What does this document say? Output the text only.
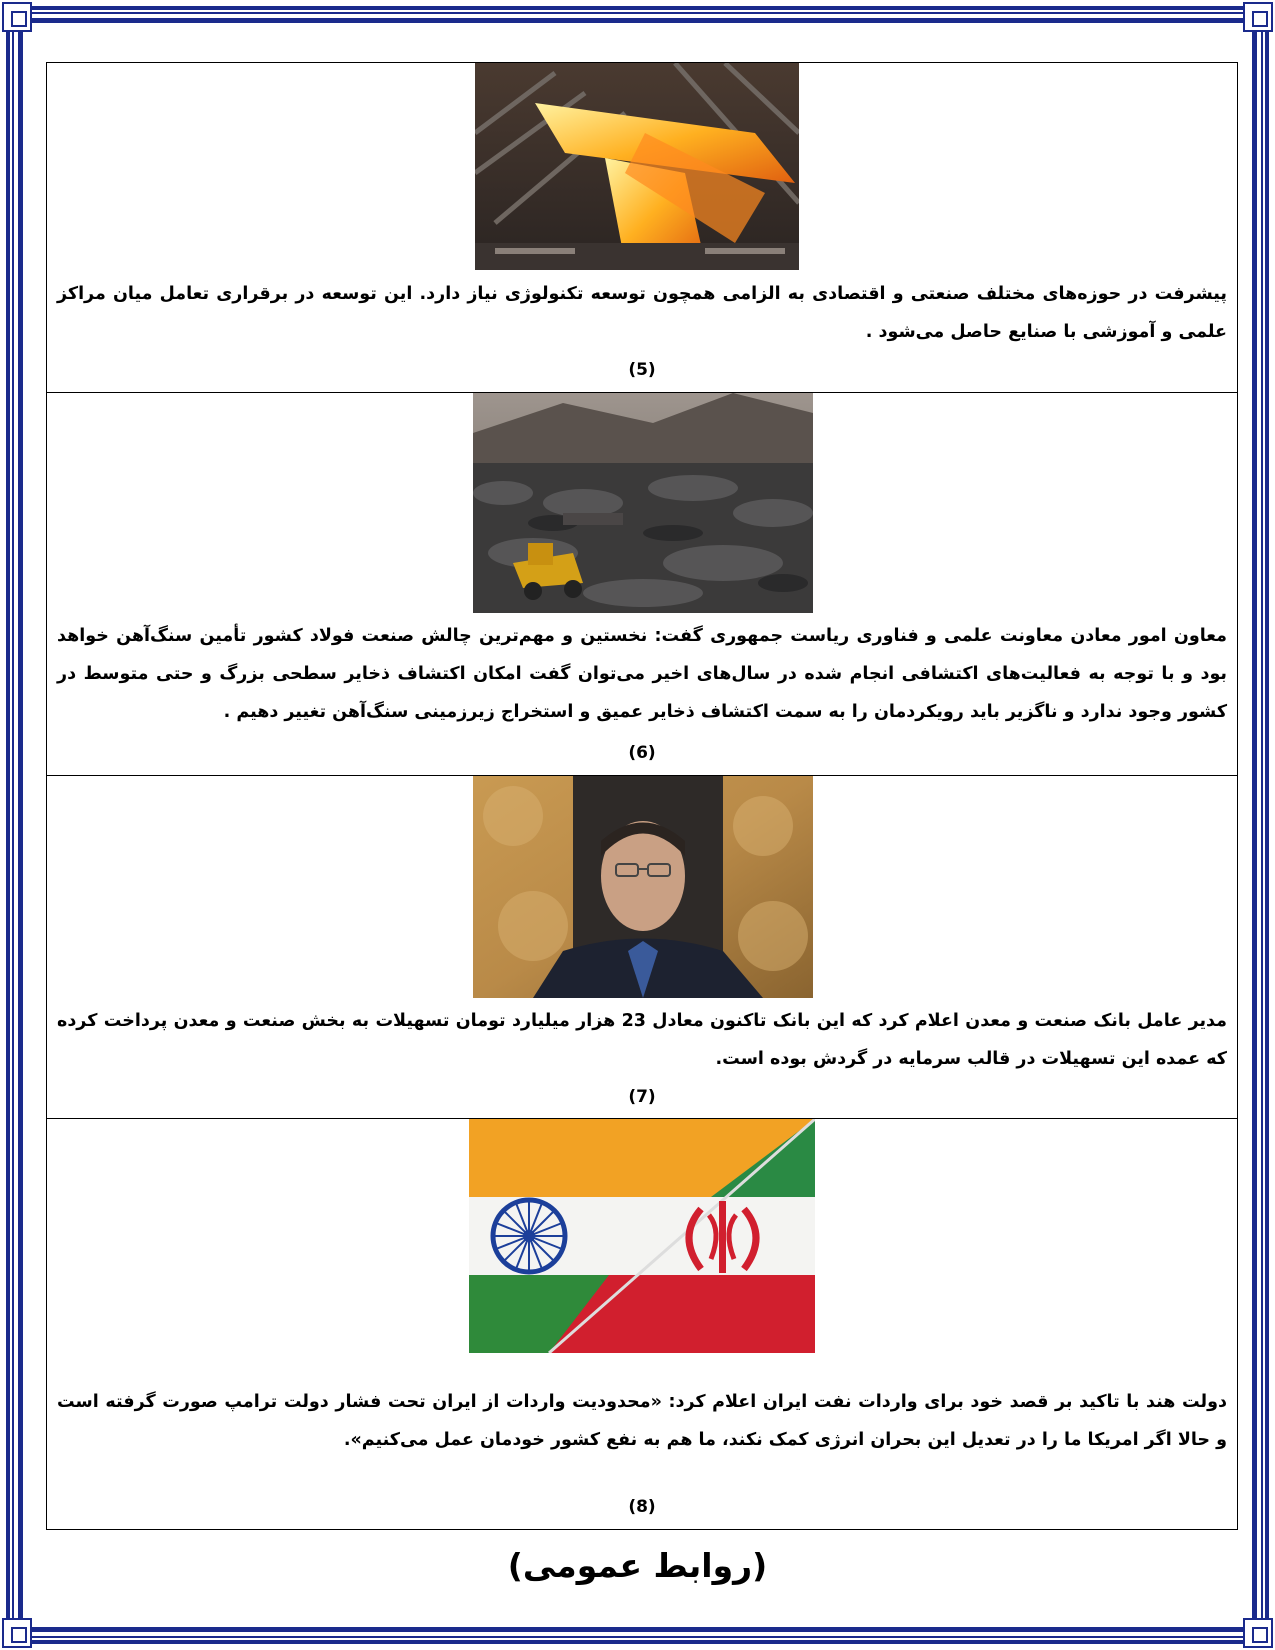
پیشرفت در حوزه‌های مختلف صنعتی و اقتصادی به الزامی همچون توسعه تکنولوژی نیاز دارد. این توسعه در برقراری تعامل میان مراکز علمی و آموزشی با صنایع حاصل می‌شود .
(5)
معاون امور معادن معاونت علمی و فناوری ریاست جمهوری گفت: نخستین و مهم‌ترین چالش صنعت فولاد کشور تأمین سنگ‌آهن خواهد بود و با توجه به فعالیت‌های اکتشافی انجام شده در سال‌های اخیر می‌توان گفت امکان اکتشاف ذخایر سطحی بزرگ و حتی متوسط در کشور وجود ندارد و ناگزیر باید رویکردمان را به سمت اکتشاف ذخایر عمیق و استخراج زیرزمینی سنگ‌آهن تغییر دهیم .
(6)
مدیر عامل بانک صنعت و معدن اعلام کرد که این بانک تاکنون معادل 23 هزار میلیارد تومان تسهیلات به بخش صنعت و معدن پرداخت کرده که عمده این تسهیلات در قالب سرمایه در گردش بوده است.
(7)
دولت هند با تاکید بر قصد خود برای واردات نفت ایران اعلام کرد: «محدودیت واردات از ایران تحت فشار دولت ترامپ صورت گرفته است و حالا اگر امریکا ما را در تعدیل این بحران انرژی کمک نکند، ما هم به نفع کشور خودمان عمل می‌کنیم».
(8)
(روابط عمومی)
